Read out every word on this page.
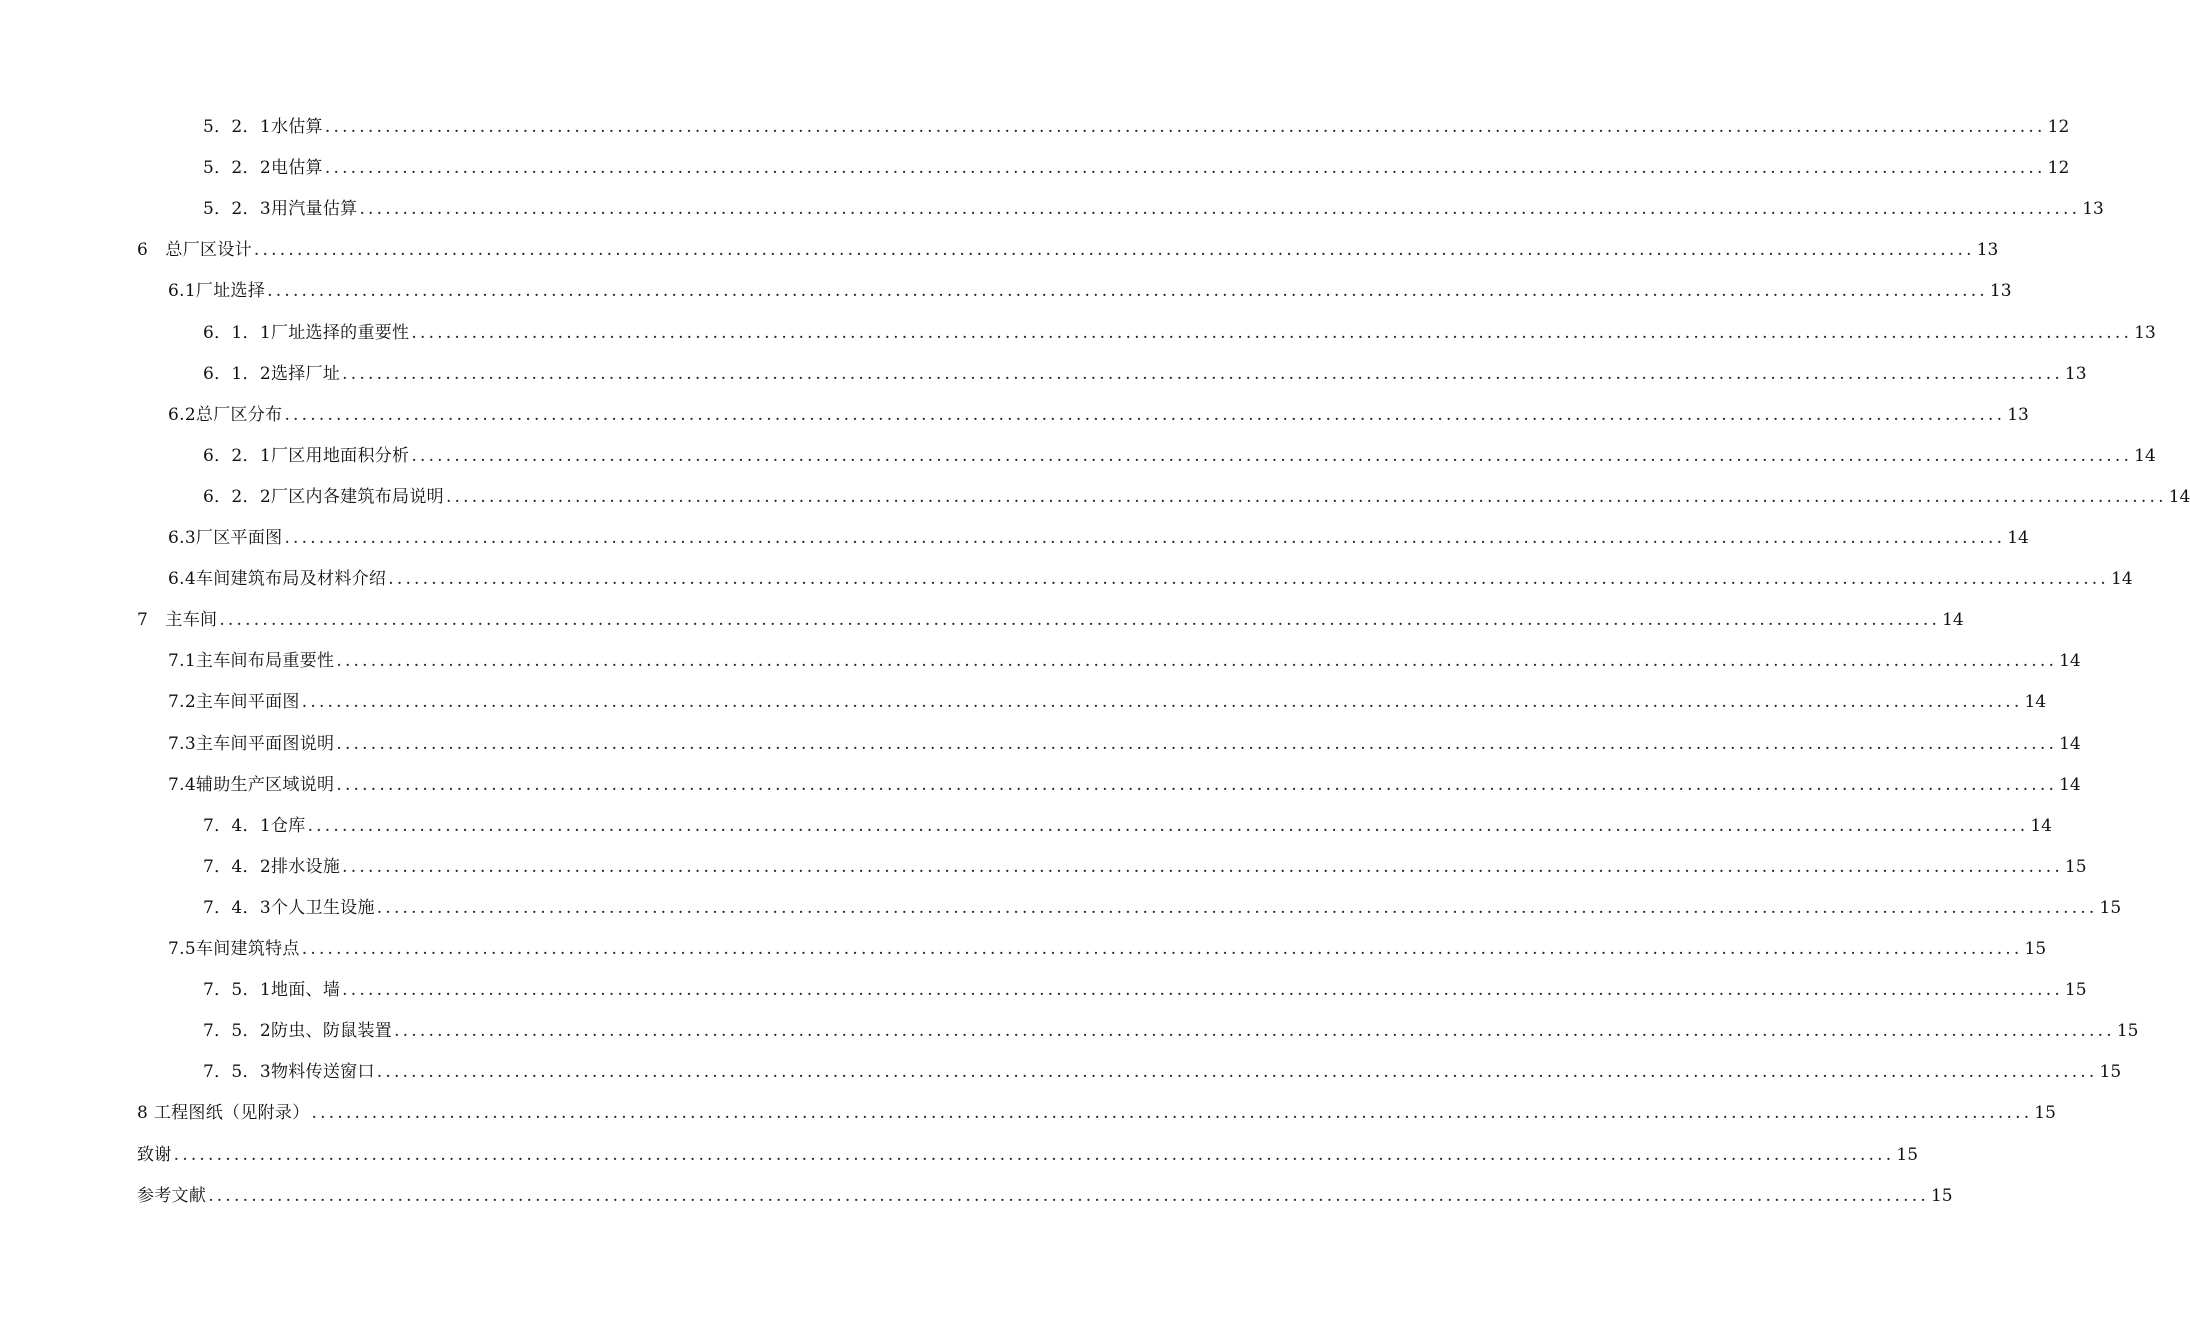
5．2．1水估算 ........................................................................................................................................................................................................ 12
5．2．2电估算 ........................................................................................................................................................................................................ 12
5．2．3用汽量估算 ........................................................................................................................................................................................................ 13
6　总厂区设计 ........................................................................................................................................................................................................ 13
6.1厂址选择 ........................................................................................................................................................................................................ 13
6．1．1厂址选择的重要性 ........................................................................................................................................................................................................ 13
6．1．2选择厂址 ........................................................................................................................................................................................................ 13
6.2总厂区分布 ........................................................................................................................................................................................................ 13
6．2．1厂区用地面积分析 ........................................................................................................................................................................................................ 14
6．2．2厂区内各建筑布局说明 ........................................................................................................................................................................................................ 14
6.3厂区平面图 ........................................................................................................................................................................................................ 14
6.4车间建筑布局及材料介绍 ........................................................................................................................................................................................................ 14
7　主车间 ........................................................................................................................................................................................................ 14
7.1主车间布局重要性 ........................................................................................................................................................................................................ 14
7.2主车间平面图 ........................................................................................................................................................................................................ 14
7.3主车间平面图说明 ........................................................................................................................................................................................................ 14
7.4辅助生产区域说明 ........................................................................................................................................................................................................ 14
7．4．1仓库 ........................................................................................................................................................................................................ 14
7．4．2排水设施 ........................................................................................................................................................................................................ 15
7．4．3个人卫生设施 ........................................................................................................................................................................................................ 15
7.5车间建筑特点 ........................................................................................................................................................................................................ 15
7．5．1地面、墙 ........................................................................................................................................................................................................ 15
7．5．2防虫、防鼠装置 ........................................................................................................................................................................................................ 15
7．5．3物料传送窗口 ........................................................................................................................................................................................................ 15
8 工程图纸（见附录） ........................................................................................................................................................................................................ 15
致谢 ........................................................................................................................................................................................................ 15
参考文献 ........................................................................................................................................................................................................ 15
